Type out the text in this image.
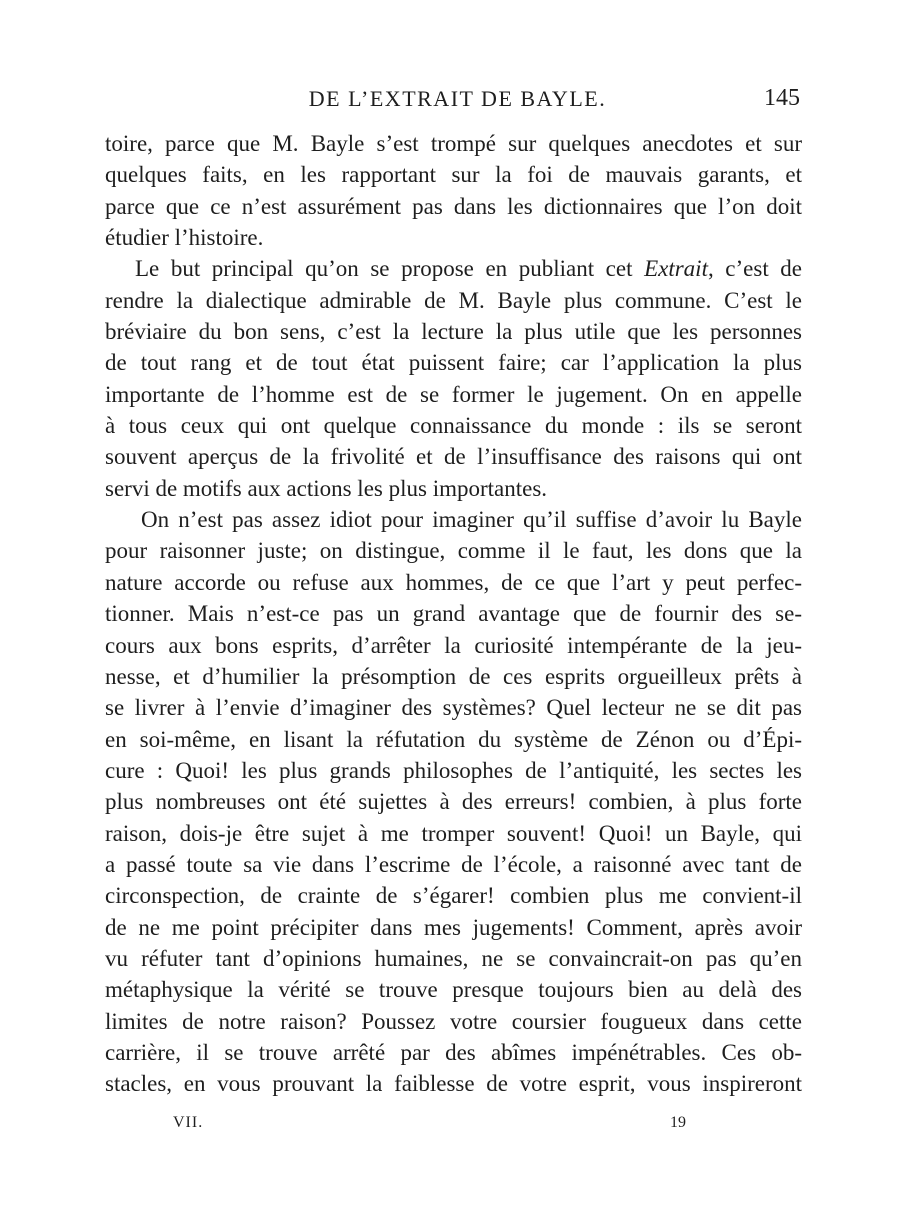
DE L’EXTRAIT DE BAYLE.	145
toire, parce que M. Bayle s’est trompé sur quelques anecdotes et sur
quelques faits, en les rapportant sur la foi de mauvais garants, et
parce que ce n’est assurément pas dans les dictionnaires que l’on doit
étudier l’histoire.
Le but principal qu’on se propose en publiant cet Extrait, c’est de
rendre la dialectique admirable de M. Bayle plus commune. C’est le
bréviaire du bon sens, c’est la lecture la plus utile que les personnes
de tout rang et de tout état puissent faire; car l’application la plus
importante de l’homme est de se former le jugement. On en appelle
à tous ceux qui ont quelque connaissance du monde : ils se seront
souvent aperçus de la frivolité et de l’insuffisance des raisons qui ont
servi de motifs aux actions les plus importantes.
On n’est pas assez idiot pour imaginer qu’il suffise d’avoir lu Bayle
pour raisonner juste; on distingue, comme il le faut, les dons que la
nature accorde ou refuse aux hommes, de ce que l’art y peut perfec-
tionner. Mais n’est-ce pas un grand avantage que de fournir des se-
cours aux bons esprits, d’arrêter la curiosité intempérante de la jeu-
nesse, et d’humilier la présomption de ces esprits orgueilleux prêts à
se livrer à l’envie d’imaginer des systèmes? Quel lecteur ne se dit pas
en soi-même, en lisant la réfutation du système de Zénon ou d’Épi-
cure : Quoi! les plus grands philosophes de l’antiquité, les sectes les
plus nombreuses ont été sujettes à des erreurs! combien, à plus forte
raison, dois-je être sujet à me tromper souvent! Quoi! un Bayle, qui
a passé toute sa vie dans l’escrime de l’école, a raisonné avec tant de
circonspection, de crainte de s’égarer! combien plus me convient-il
de ne me point précipiter dans mes jugements! Comment, après avoir
vu réfuter tant d’opinions humaines, ne se convaincrait-on pas qu’en
métaphysique la vérité se trouve presque toujours bien au delà des
limites de notre raison? Poussez votre coursier fougueux dans cette
carrière, il se trouve arrêté par des abîmes impénétrables. Ces ob-
stacles, en vous prouvant la faiblesse de votre esprit, vous inspireront
VII.	19
